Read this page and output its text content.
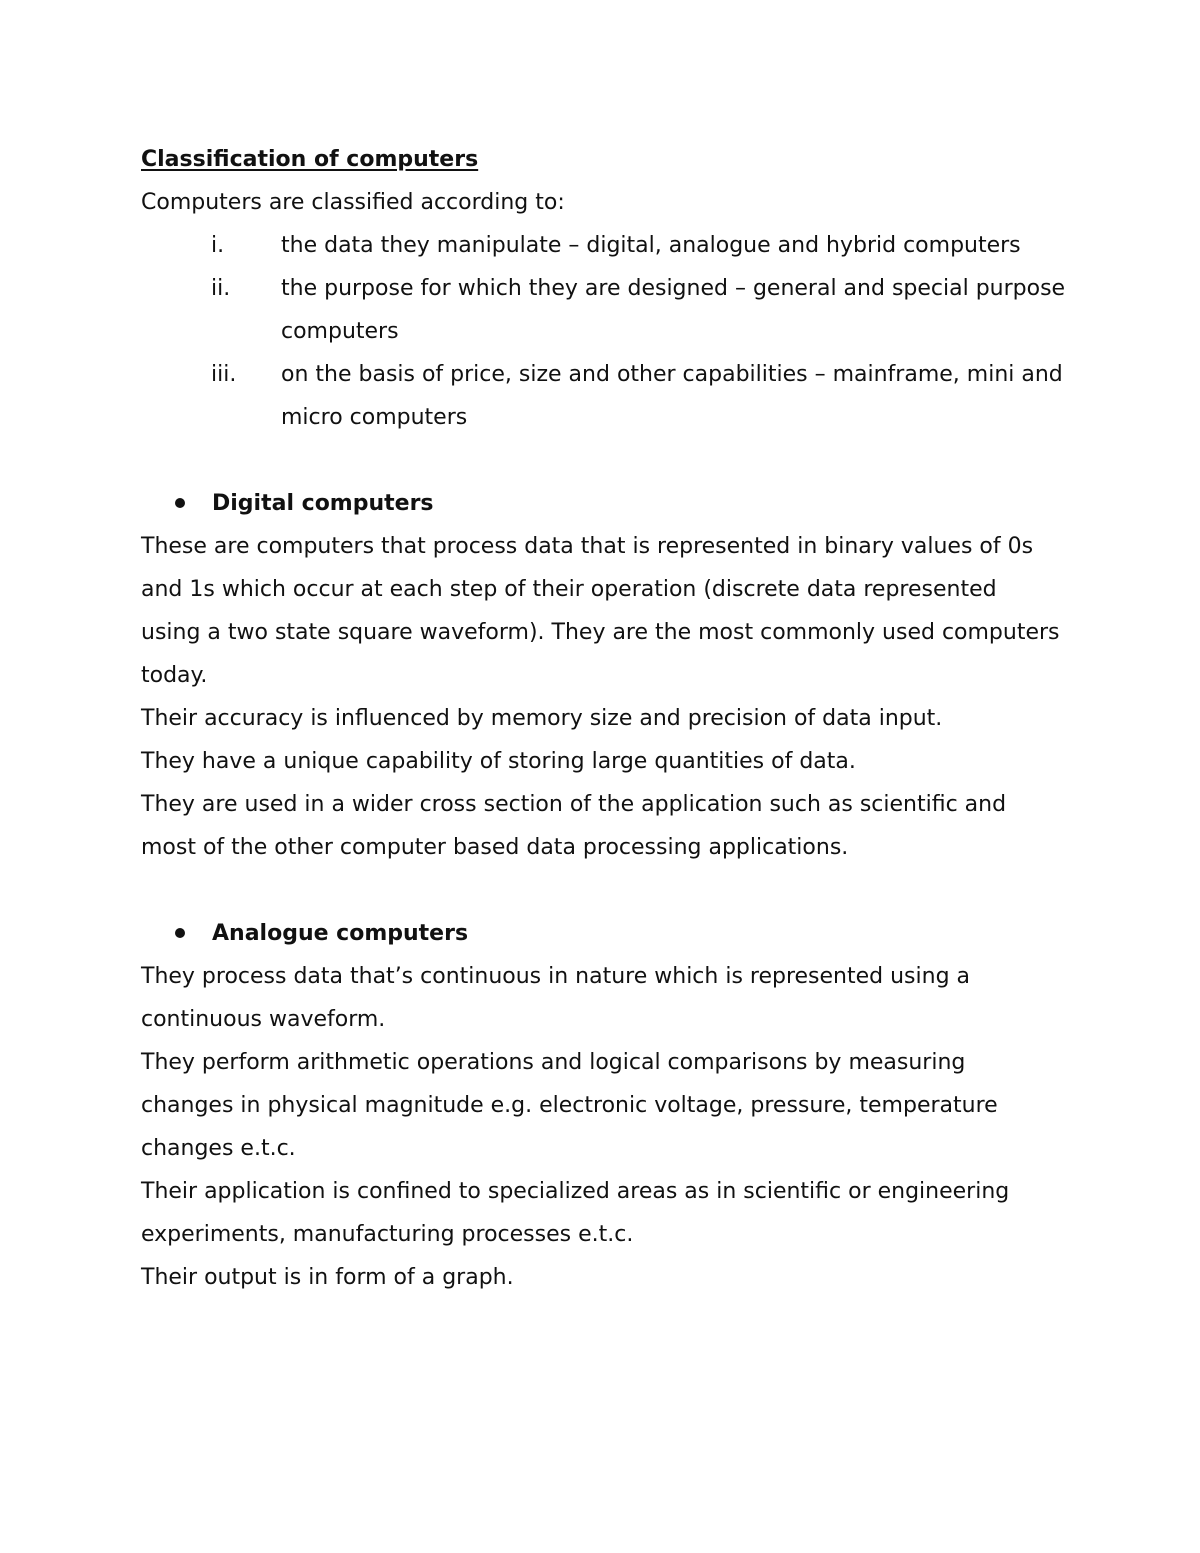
Classification of computers

Computers are classified according to:

i.	the data they manipulate – digital, analogue and hybrid computers
ii. the purpose for which they are designed – general and special purpose computers
iii. on the basis of price, size and other capabilities – mainframe, mini and micro computers
Digital computers

These are computers that process data that is represented in binary values of 0s and 1s which occur at each step of their operation (discrete data represented using a two state square waveform). They are the most commonly used computers today.

Their accuracy is influenced by memory size and precision of data input.

They have a unique capability of storing large quantities of data.

They are used in a wider cross section of the application such as scientific and most of the other computer based data processing applications.

Analogue computers

They process data that’s continuous in nature which is represented using a continuous waveform.

They perform arithmetic operations and logical comparisons by measuring changes in physical magnitude e.g. electronic voltage, pressure, temperature changes e.t.c.

Their application is confined to specialized areas as in scientific or engineering experiments, manufacturing processes e.t.c.

Their output is in form of a graph.
